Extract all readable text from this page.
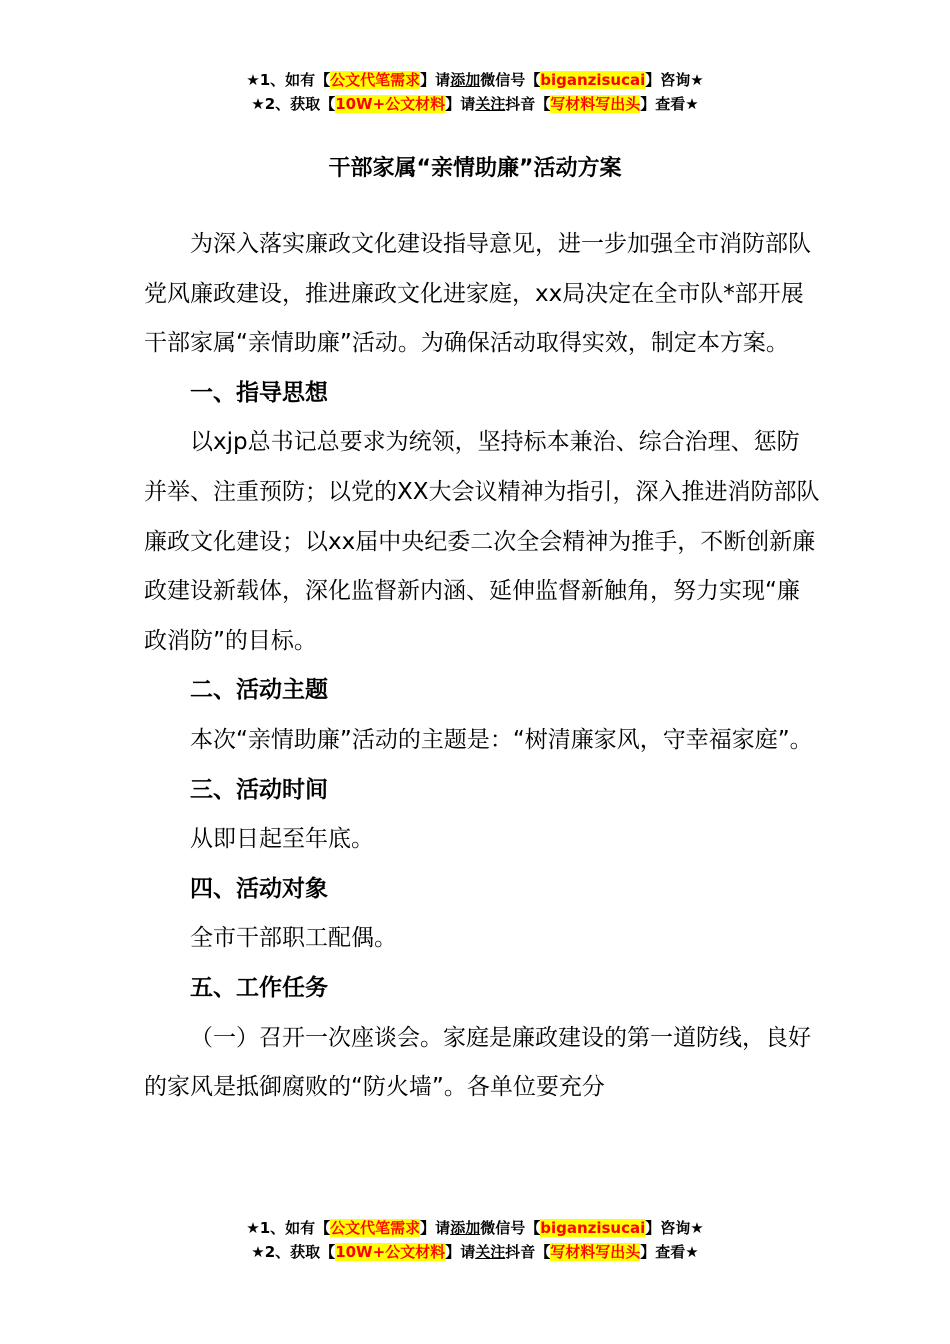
★1、如有【公文代笔需求】请添加微信号【biganzisucai】咨询★
★2、获取【10W+公文材料】请关注抖音【写材料写出头】查看★
干部家属“亲情助廉”活动方案

为深入落实廉政文化建设指导意见，进一步加强全市消防部队党风廉政建设，推进廉政文化进家庭，xx局决定在全市队*部开展干部家属“亲情助廉”活动。为确保活动取得实效，制定本方案。

一、指导思想

以xjp总书记总要求为统领，坚持标本兼治、综合治理、惩防并举、注重预防；以党的XX大会议精神为指引，深入推进消防部队廉政文化建设；以xx届中央纪委二次全会精神为推手，不断创新廉政建设新载体，深化监督新内涵、延伸监督新触角，努力实现“廉政消防”的目标。

二、活动主题

本次“亲情助廉”活动的主题是：“树清廉家风，守幸福家庭”。

三、活动时间

从即日起至年底。

四、活动对象

全市干部职工配偶。

五、工作任务

（一）召开一次座谈会。家庭是廉政建设的第一道防线，良好的家风是抵御腐败的“防火墙”。各单位要充分

★1、如有【公文代笔需求】请添加微信号【biganzisucai】咨询★
★2、获取【10W+公文材料】请关注抖音【写材料写出头】查看★
